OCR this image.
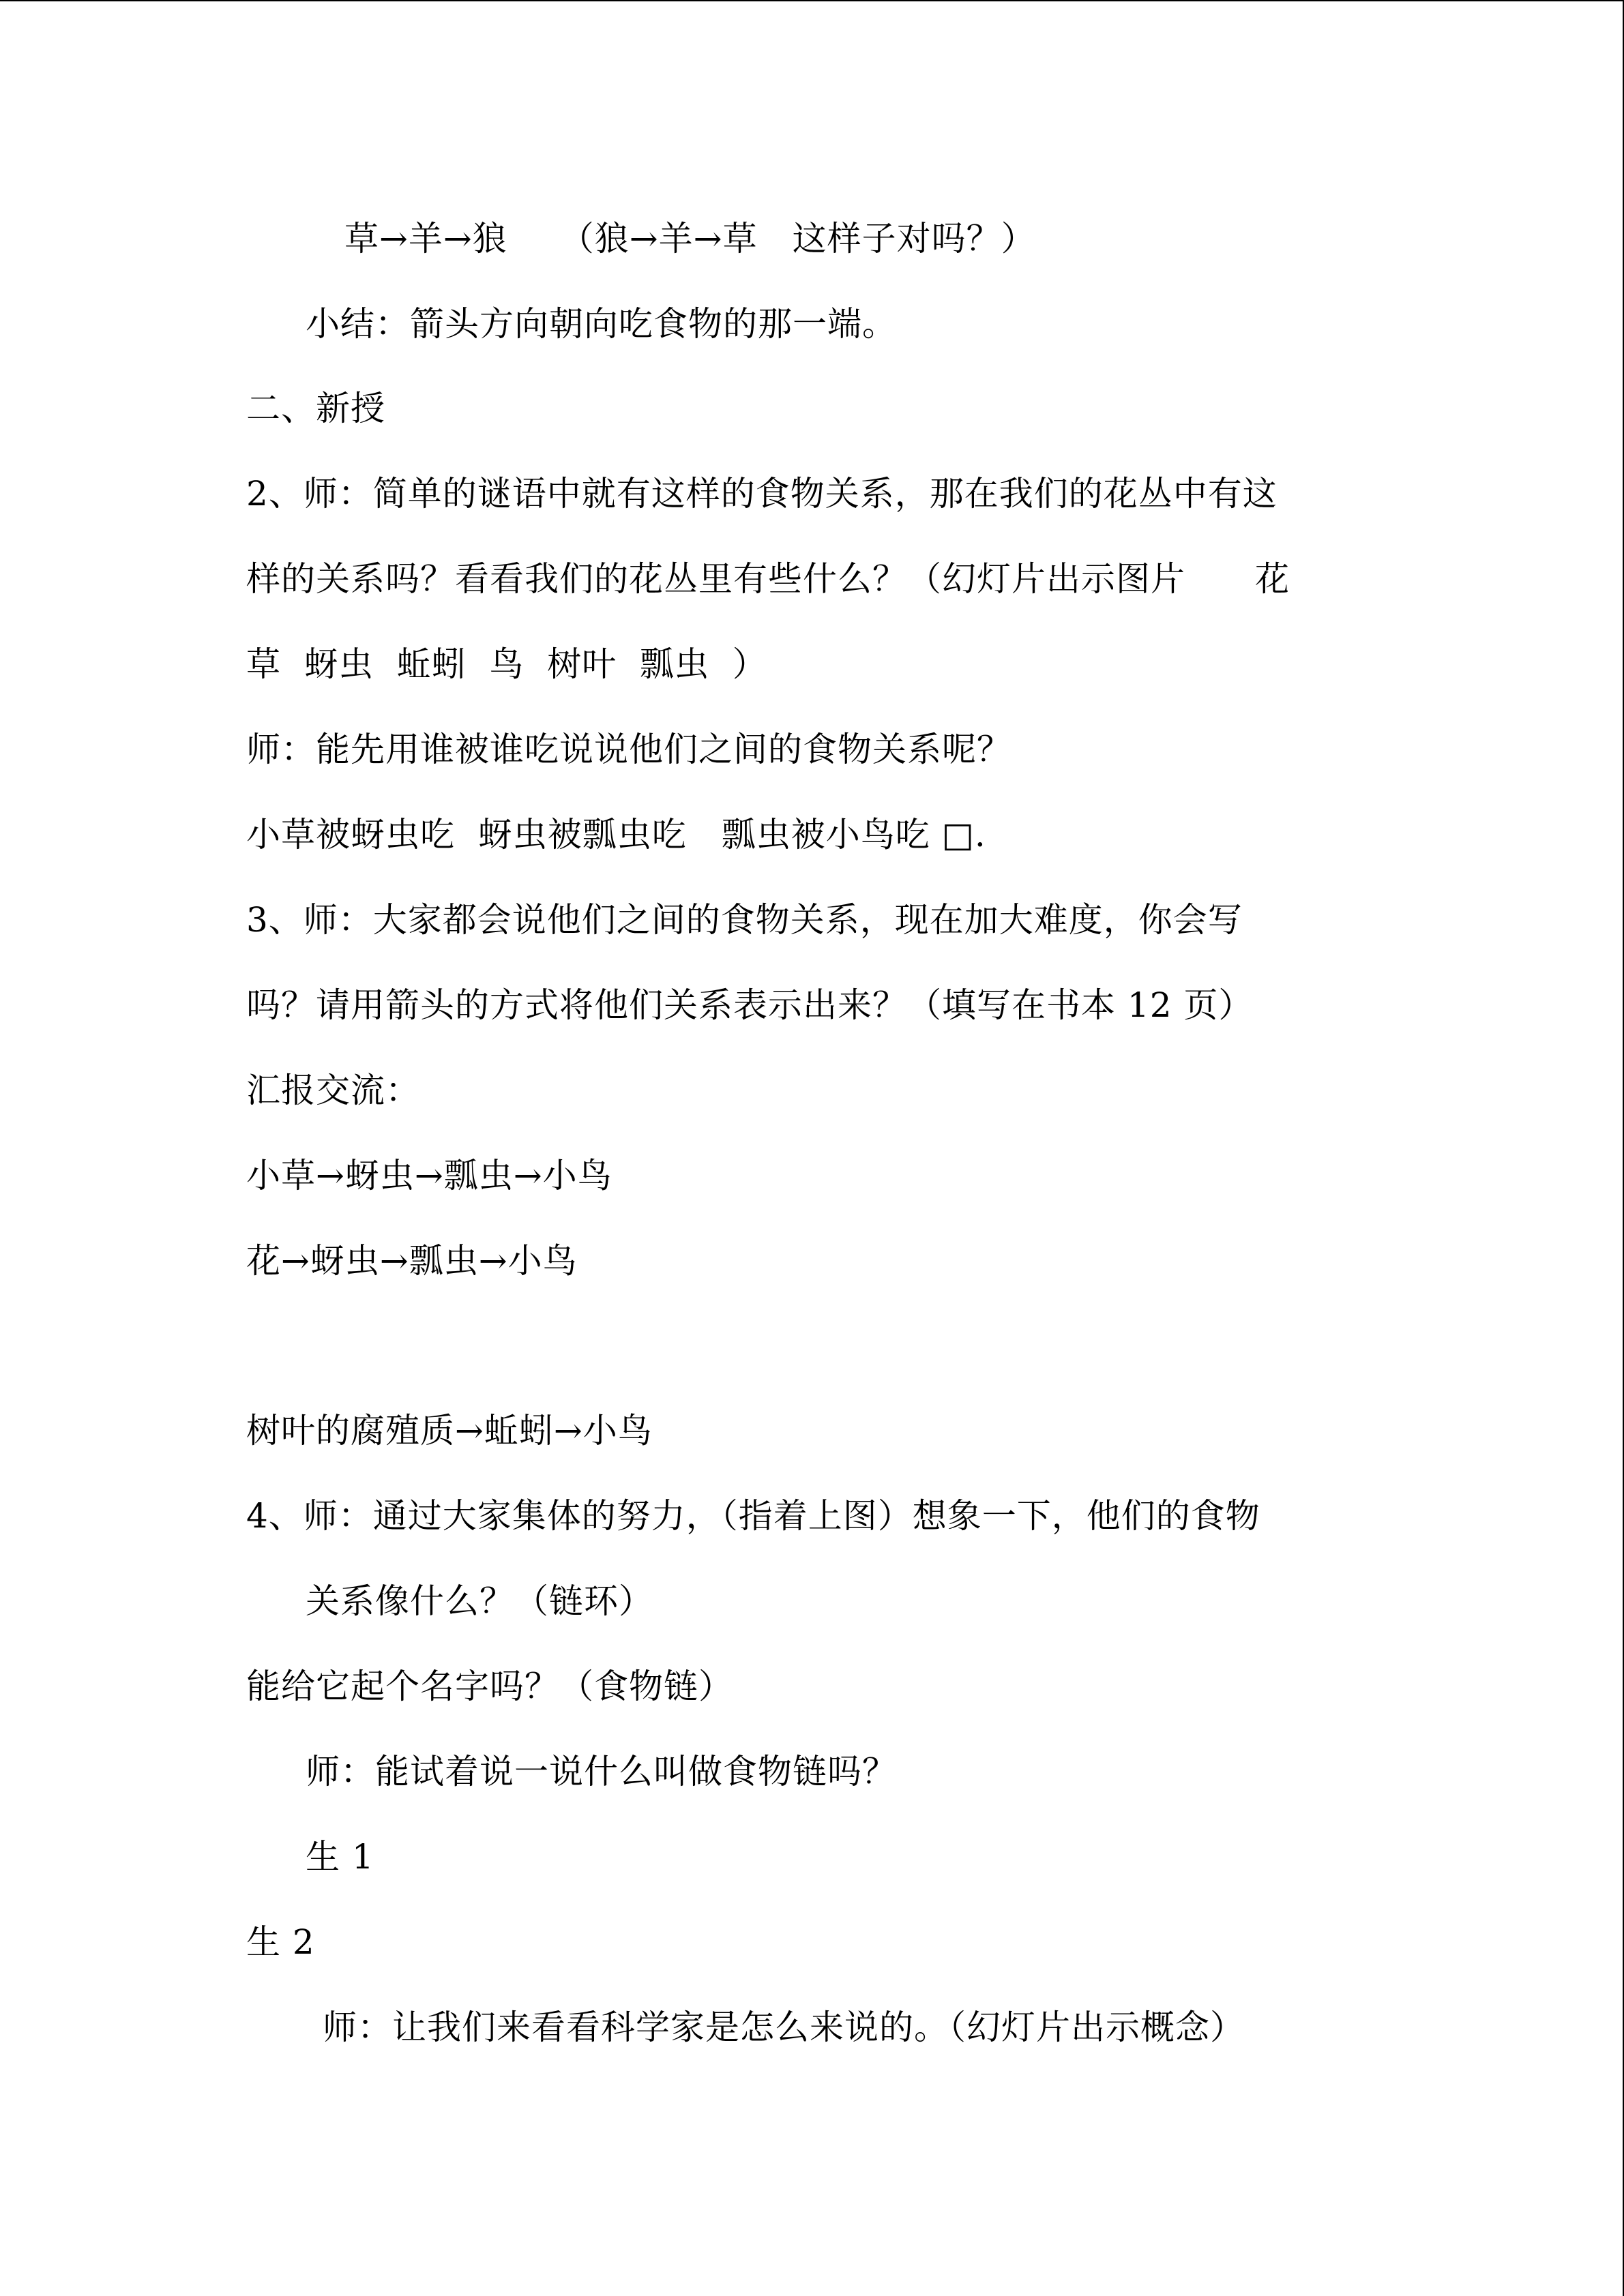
草→羊→狼　　（狼→羊→草　这样子对吗？）
小结：箭头方向朝向吃食物的那一端。
二、新授
2、师：简单的谜语中就有这样的食物关系，那在我们的花丛中有这
样的关系吗？看看我们的花丛里有些什么？（幻灯片出示图片　　花
草  蚜虫  蚯蚓  鸟  树叶  瓢虫  ）
师：能先用谁被谁吃说说他们之间的食物关系呢？
小草被蚜虫吃  蚜虫被瓢虫吃　瓢虫被小鸟吃 □.
3、师：大家都会说他们之间的食物关系，现在加大难度，你会写
吗？请用箭头的方式将他们关系表示出来？（填写在书本 12 页）
汇报交流：
小草→蚜虫→瓢虫→小鸟
花→蚜虫→瓢虫→小鸟
树叶的腐殖质→蚯蚓→小鸟
4、师：通过大家集体的努力，（指着上图）想象一下，他们的食物
关系像什么？（链环）
能给它起个名字吗？（食物链）
师：能试着说一说什么叫做食物链吗？
生 1
生 2
师：让我们来看看科学家是怎么来说的。（幻灯片出示概念）
